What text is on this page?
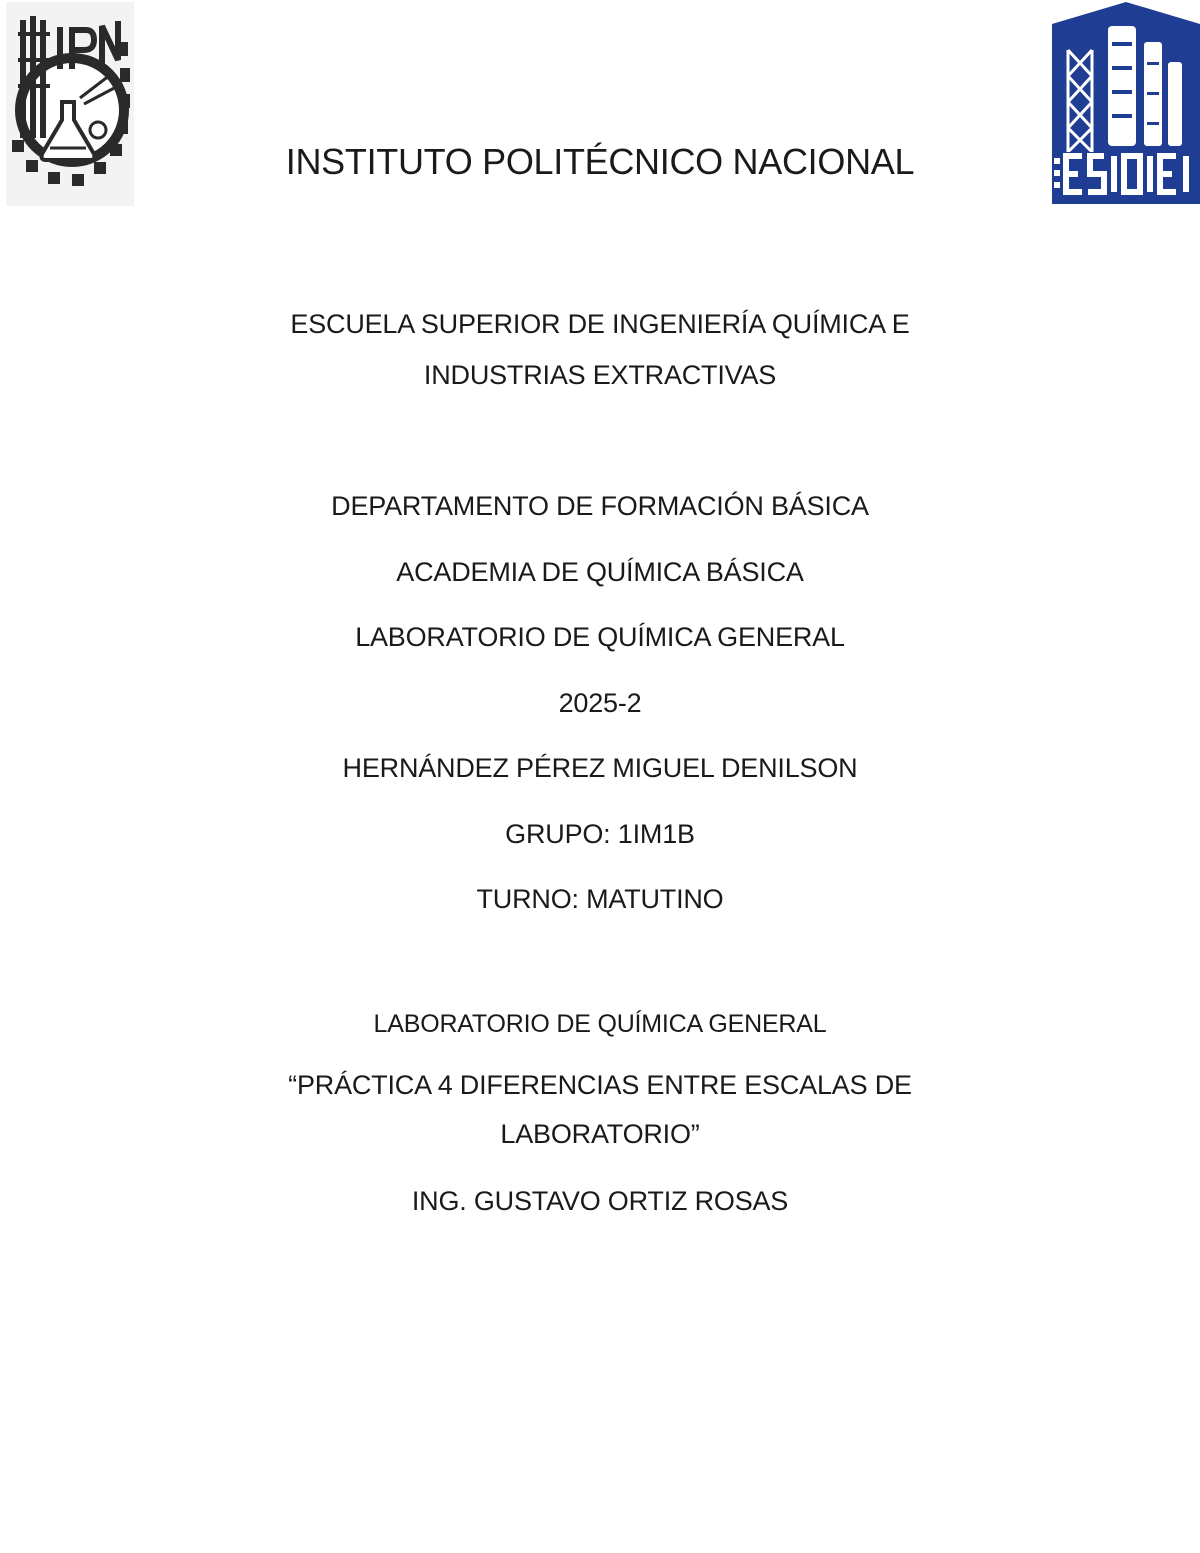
INSTITUTO POLITÉCNICO NACIONAL
ESCUELA SUPERIOR DE INGENIERÍA QUÍMICA E
INDUSTRIAS EXTRACTIVAS
DEPARTAMENTO DE FORMACIÓN BÁSICA
ACADEMIA DE QUÍMICA BÁSICA
LABORATORIO DE QUÍMICA GENERAL
2025-2
HERNÁNDEZ PÉREZ MIGUEL DENILSON
GRUPO: 1IM1B
TURNO: MATUTINO
LABORATORIO DE QUÍMICA GENERAL
“PRÁCTICA 4 DIFERENCIAS ENTRE ESCALAS DE
LABORATORIO”
ING. GUSTAVO ORTIZ ROSAS
